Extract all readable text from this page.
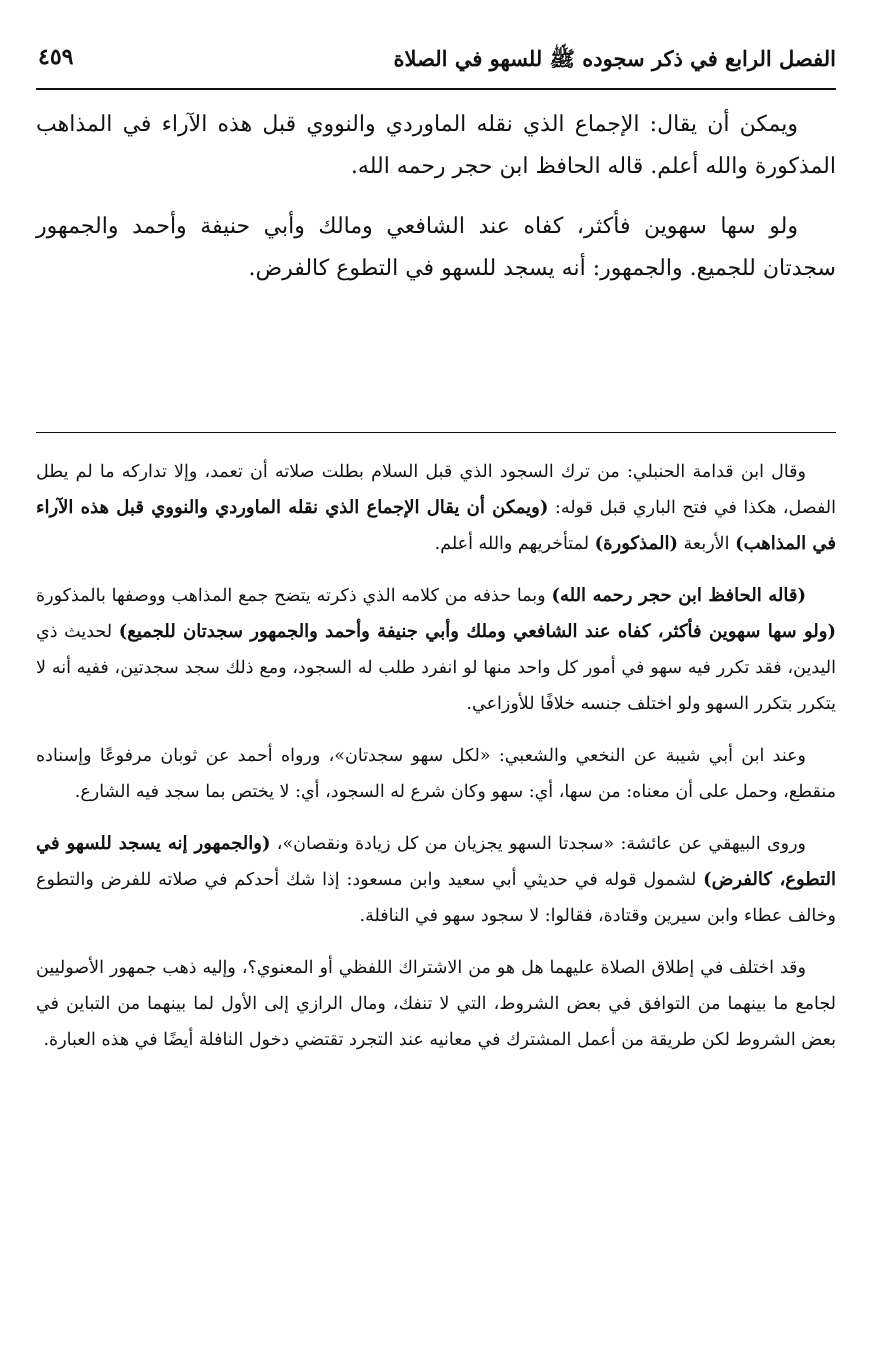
الفصل الرابع في ذكر سجوده ﷺ للسهو في الصلاة
٤٥٩

ويمكن أن يقال: الإجماع الذي نقله الماوردي والنووي قبل هذه الآراء في المذاهب المذكورة والله أعلم. قاله الحافظ ابن حجر رحمه الله.

ولو سها سهوين فأكثر، كفاه عند الشافعي ومالك وأبي حنيفة وأحمد والجمهور سجدتان للجميع. والجمهور: أنه يسجد للسهو في التطوع كالفرض.

وقال ابن قدامة الحنبلي: من ترك السجود الذي قبل السلام بطلت صلاته أن تعمد، وإلا تداركه ما لم يطل الفصل، هكذا في فتح الباري قبل قوله: (ويمكن أن يقال الإجماع الذي نقله الماوردي والنووي قبل هذه الآراء في المذاهب) الأربعة (المذكورة) لمتأخريهم والله أعلم.

(قاله الحافظ ابن حجر رحمه الله) وبما حذفه من كلامه الذي ذكرته يتضح جمع المذاهب ووصفها بالمذكورة (ولو سها سهوين فأكثر، كفاه عند الشافعي وملك وأبي جنيفة وأحمد والجمهور سجدتان للجميع) لحديث ذي اليدين، فقد تكرر فيه سهو في أمور كل واحد منها لو انفرد طلب له السجود، ومع ذلك سجد سجدتين، ففيه أنه لا يتكرر بتكرر السهو ولو اختلف جنسه خلافًا للأوزاعي.

وعند ابن أبي شيبة عن النخعي والشعبي: «لكل سهو سجدتان»، ورواه أحمد عن ثوبان مرفوعًا وإسناده منقطع، وحمل على أن معناه: من سها، أي: سهو وكان شرع له السجود، أي: لا يختص بما سجد فيه الشارع.

وروى البيهقي عن عائشة: «سجدتا السهو يجزيان من كل زيادة ونقصان»، (والجمهور إنه يسجد للسهو في التطوع، كالفرض) لشمول قوله في حديثي أبي سعيد وابن مسعود: إذا شك أحدكم في صلاته للفرض والتطوع وخالف عطاء وابن سيرين وقتادة، فقالوا: لا سجود سهو في النافلة.

وقد اختلف في إطلاق الصلاة عليهما هل هو من الاشتراك اللفظي أو المعنوي؟، وإليه ذهب جمهور الأصوليين لجامع ما بينهما من التوافق في بعض الشروط، التي لا تنفك، ومال الرازي إلى الأول لما بينهما من التباين في بعض الشروط لكن طريقة من أعمل المشترك في معانيه عند التجرد تقتضي دخول النافلة أيضًا في هذه العبارة.
